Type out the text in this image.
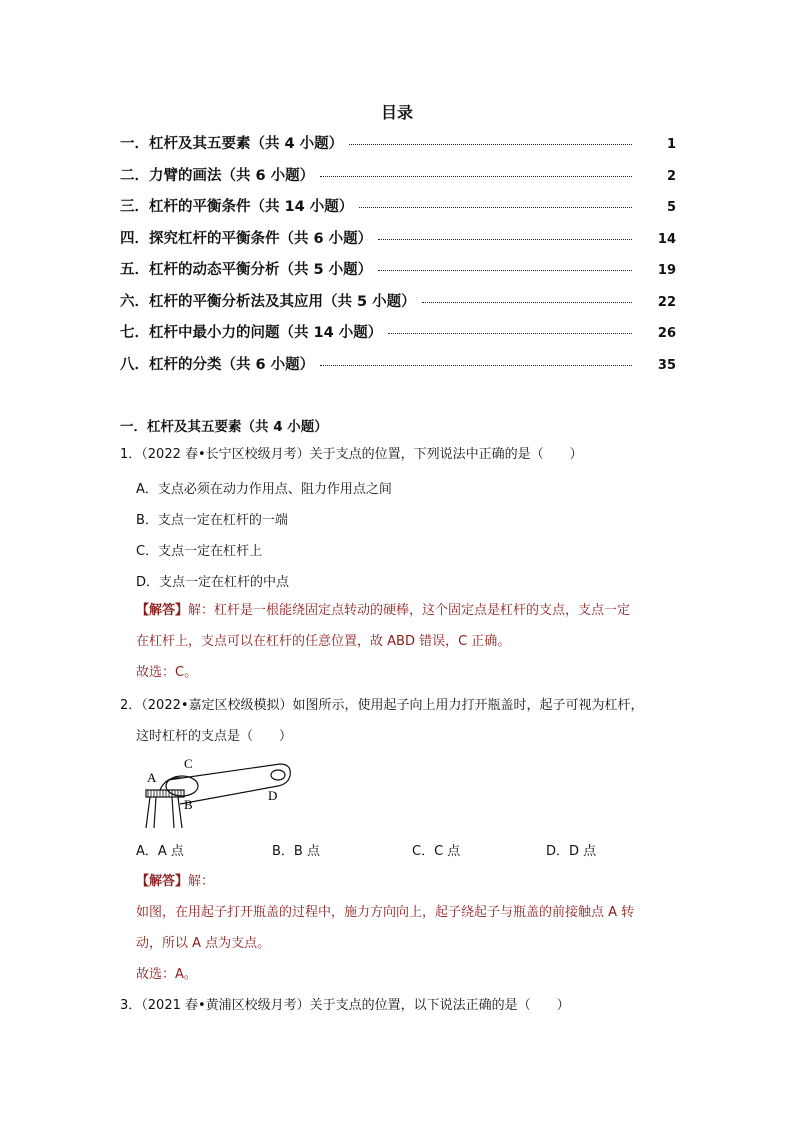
目录
一．杠杆及其五要素（共 4 小题）	1
二．力臂的画法（共 6 小题）	2
三．杠杆的平衡条件（共 14 小题）	5
四．探究杠杆的平衡条件（共 6 小题）	14
五．杠杆的动态平衡分析（共 5 小题）	19
六．杠杆的平衡分析法及其应用（共 5 小题）	22
七．杠杆中最小力的问题（共 14 小题）	26
八．杠杆的分类（共 6 小题）	35
一．杠杆及其五要素（共 4 小题）
1．（2022 春•长宁区校级月考）关于支点的位置，下列说法中正确的是（　　）
A．支点必须在动力作用点、阻力作用点之间
B．支点一定在杠杆的一端
C．支点一定在杠杆上
D．支点一定在杠杆的中点
【解答】解：杠杆是一根能绕固定点转动的硬棒，这个固定点是杠杆的支点，支点一定
在杠杆上，支点可以在杠杆的任意位置，故 ABD 错误，C 正确。
故选：C。
2．（2022•嘉定区校级模拟）如图所示，使用起子向上用力打开瓶盖时，起子可视为杠杆，
这时杠杆的支点是（　　）
A
C
B
D
A．A 点	B．B 点	C．C 点	D．D 点
【解答】解：
如图，在用起子打开瓶盖的过程中，施力方向向上，起子绕起子与瓶盖的前接触点 A 转
动，所以 A 点为支点。
故选：A。
3．（2021 春•黄浦区校级月考）关于支点的位置，以下说法正确的是（　　）
